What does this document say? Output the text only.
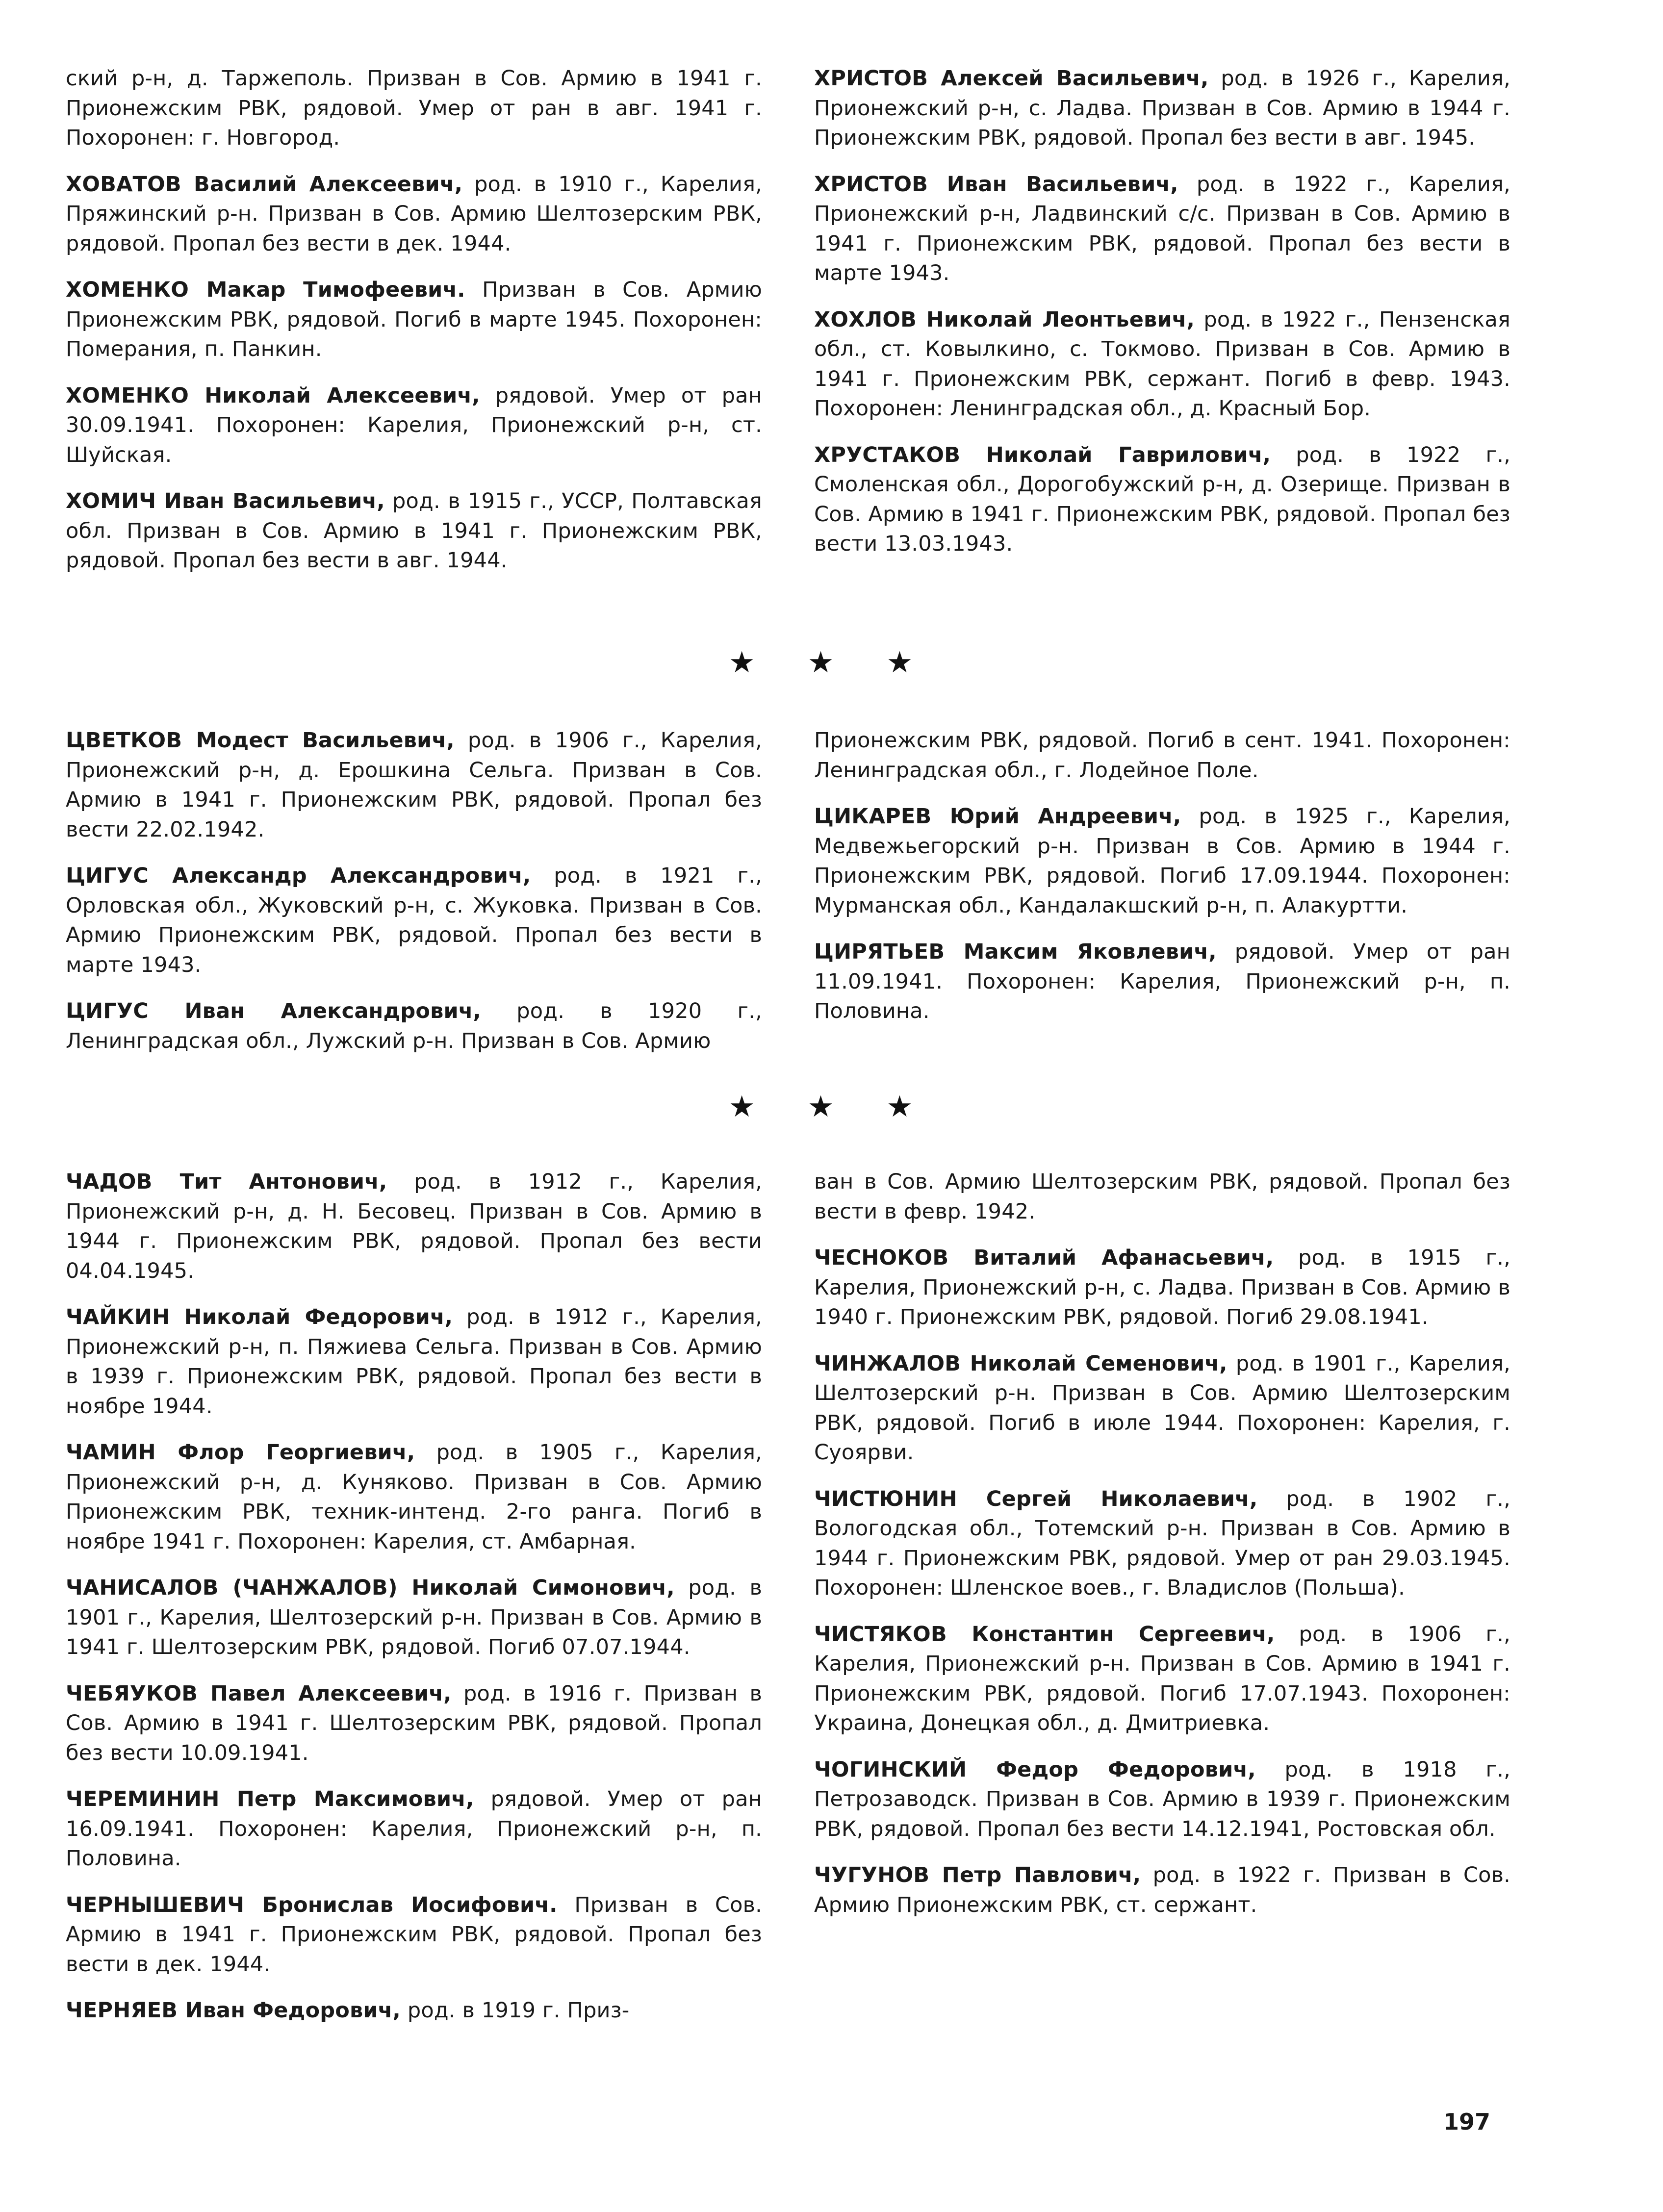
ский р-н, д. Таржеполь. Призван в Сов. Армию в 1941 г. Прионежским РВК, рядовой. Умер от ран в авг. 1941 г. Похоронен: г. Новгород.

ХОВАТОВ Василий Алексеевич, род. в 1910 г., Карелия, Пряжинский р-н. Призван в Сов. Армию Шелтозерским РВК, рядовой. Пропал без вести в дек. 1944.

ХОМЕНКО Макар Тимофеевич. Призван в Сов. Армию Прионежским РВК, рядовой. Погиб в марте 1945. Похоронен: Померания, п. Панкин.

ХОМЕНКО Николай Алексеевич, рядовой. Умер от ран 30.09.1941. Похоронен: Карелия, Прионежский р-н, ст. Шуйская.

ХОМИЧ Иван Васильевич, род. в 1915 г., УССР, Полтавская обл. Призван в Сов. Армию в 1941 г. Прионежским РВК, рядовой. Пропал без вести в авг. 1944.

ХРИСТОВ Алексей Васильевич, род. в 1926 г., Карелия, Прионежский р-н, с. Ладва. Призван в Сов. Армию в 1944 г. Прионежским РВК, рядовой. Пропал без вести в авг. 1945.

ХРИСТОВ Иван Васильевич, род. в 1922 г., Карелия, Прионежский р-н, Ладвинский с/с. Призван в Сов. Армию в 1941 г. Прионежским РВК, рядовой. Пропал без вести в марте 1943.

ХОХЛОВ Николай Леонтьевич, род. в 1922 г., Пензенская обл., ст. Ковылкино, с. Токмово. Призван в Сов. Армию в 1941 г. Прионежским РВК, сержант. Погиб в февр. 1943. Похоронен: Ленинградская обл., д. Красный Бор.

ХРУСТАКОВ Николай Гаврилович, род. в 1922 г., Смоленская обл., Дорогобужский р-н, д. Озерище. Призван в Сов. Армию в 1941 г. Прионежским РВК, рядовой. Пропал без вести 13.03.1943.

★ ★ ★

ЦВЕТКОВ Модест Васильевич, род. в 1906 г., Карелия, Прионежский р-н, д. Ерошкина Сельга. Призван в Сов. Армию в 1941 г. Прионежским РВК, рядовой. Пропал без вести 22.02.1942.

ЦИГУС Александр Александрович, род. в 1921 г., Орловская обл., Жуковский р-н, с. Жуковка. Призван в Сов. Армию Прионежским РВК, рядовой. Пропал без вести в марте 1943.

ЦИГУС Иван Александрович, род. в 1920 г., Ленинградская обл., Лужский р-н. Призван в Сов. Армию

Прионежским РВК, рядовой. Погиб в сент. 1941. Похоронен: Ленинградская обл., г. Лодейное Поле.

ЦИКАРЕВ Юрий Андреевич, род. в 1925 г., Карелия, Медвежьегорский р-н. Призван в Сов. Армию в 1944 г. Прионежским РВК, рядовой. Погиб 17.09.1944. Похоронен: Мурманская обл., Кандалакшский р-н, п. Алакуртти.

ЦИРЯТЬЕВ Максим Яковлевич, рядовой. Умер от ран 11.09.1941. Похоронен: Карелия, Прионежский р-н, п. Половина.

★ ★ ★

ЧАДОВ Тит Антонович, род. в 1912 г., Карелия, Прионежский р-н, д. Н. Бесовец. Призван в Сов. Армию в 1944 г. Прионежским РВК, рядовой. Пропал без вести 04.04.1945.

ЧАЙКИН Николай Федорович, род. в 1912 г., Карелия, Прионежский р-н, п. Пяжиева Сельга. Призван в Сов. Армию в 1939 г. Прионежским РВК, рядовой. Пропал без вести в ноябре 1944.

ЧАМИН Флор Георгиевич, род. в 1905 г., Карелия, Прионежский р-н, д. Куняково. Призван в Сов. Армию Прионежским РВК, техник-интенд. 2-го ранга. Погиб в ноябре 1941 г. Похоронен: Карелия, ст. Амбарная.

ЧАНИСАЛОВ (ЧАНЖАЛОВ) Николай Симонович, род. в 1901 г., Карелия, Шелтозерский р-н. Призван в Сов. Армию в 1941 г. Шелтозерским РВК, рядовой. Погиб 07.07.1944.

ЧЕБЯУКОВ Павел Алексеевич, род. в 1916 г. Призван в Сов. Армию в 1941 г. Шелтозерским РВК, рядовой. Пропал без вести 10.09.1941.

ЧЕРЕМИНИН Петр Максимович, рядовой. Умер от ран 16.09.1941. Похоронен: Карелия, Прионежский р-н, п. Половина.

ЧЕРНЫШЕВИЧ Бронислав Иосифович. Призван в Сов. Армию в 1941 г. Прионежским РВК, рядовой. Пропал без вести в дек. 1944.

ЧЕРНЯЕВ Иван Федорович, род. в 1919 г. Приз-

ван в Сов. Армию Шелтозерским РВК, рядовой. Пропал без вести в февр. 1942.

ЧЕСНОКОВ Виталий Афанасьевич, род. в 1915 г., Карелия, Прионежский р-н, с. Ладва. Призван в Сов. Армию в 1940 г. Прионежским РВК, рядовой. Погиб 29.08.1941.

ЧИНЖАЛОВ Николай Семенович, род. в 1901 г., Карелия, Шелтозерский р-н. Призван в Сов. Армию Шелтозерским РВК, рядовой. Погиб в июле 1944. Похоронен: Карелия, г. Суоярви.

ЧИСТЮНИН Сергей Николаевич, род. в 1902 г., Вологодская обл., Тотемский р-н. Призван в Сов. Армию в 1944 г. Прионежским РВК, рядовой. Умер от ран 29.03.1945. Похоронен: Шленское воев., г. Владислов (Польша).

ЧИСТЯКОВ Константин Сергеевич, род. в 1906 г., Карелия, Прионежский р-н. Призван в Сов. Армию в 1941 г. Прионежским РВК, рядовой. Погиб 17.07.1943. Похоронен: Украина, Донецкая обл., д. Дмитриевка.

ЧОГИНСКИЙ Федор Федорович, род. в 1918 г., Петрозаводск. Призван в Сов. Армию в 1939 г. Прионежским РВК, рядовой. Пропал без вести 14.12.1941, Ростовская обл.

ЧУГУНОВ Петр Павлович, род. в 1922 г. Призван в Сов. Армию Прионежским РВК, ст. сержант.

197
